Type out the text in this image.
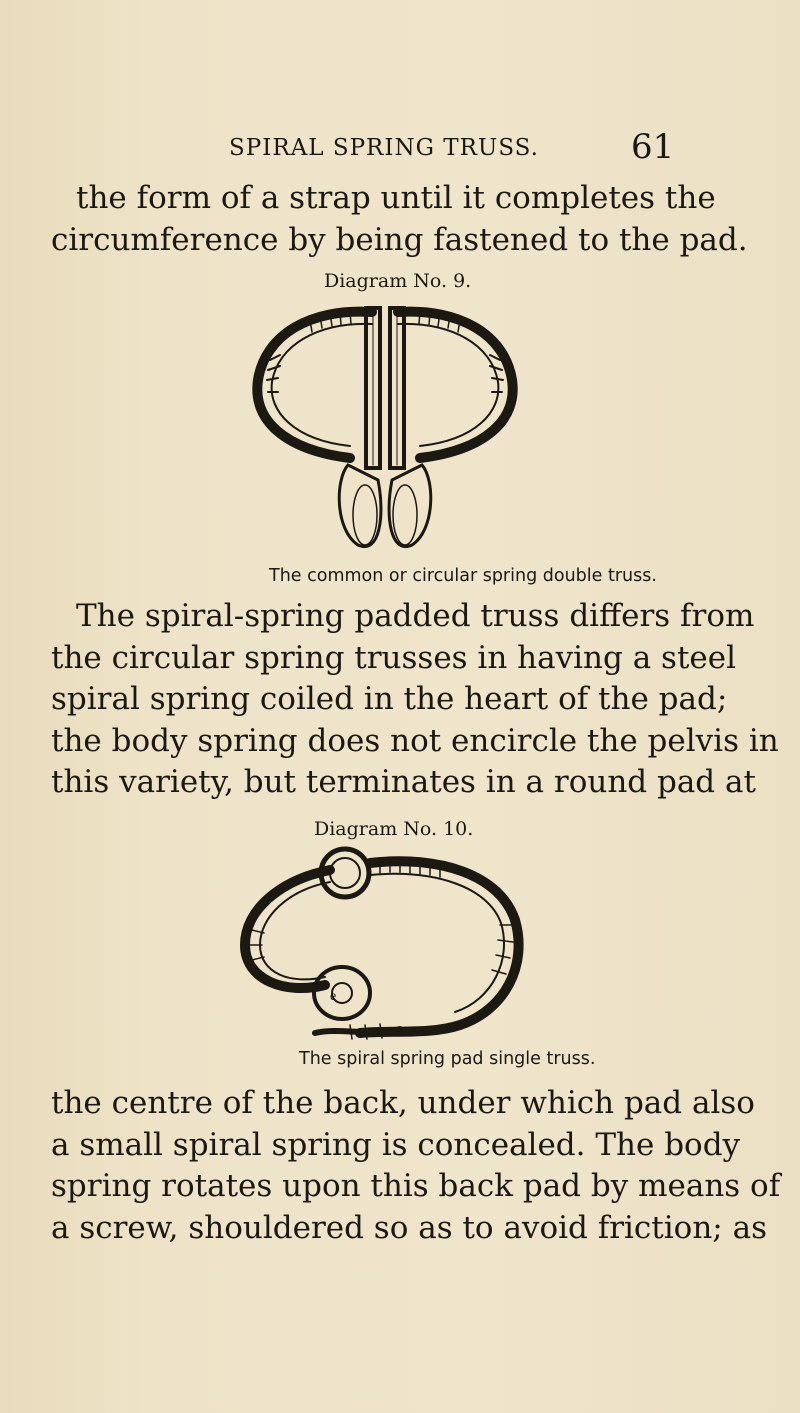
SPIRAL SPRING TRUSS.	61
the form of a strap until it completes the
circumference by being fastened to the pad.
Diagram No. 9.
The common or circular spring double truss.
The spiral-spring padded truss differs from
the circular spring trusses in having a steel
spiral spring coiled in the heart of the pad;
the body spring does not encircle the pelvis in
this variety, but terminates in a round pad at
Diagram No. 10.
e
The spiral spring pad single truss.
the centre of the back, under which pad also
a small spiral spring is concealed. The body
spring rotates upon this back pad by means of
a screw, shouldered so as to avoid friction; as
